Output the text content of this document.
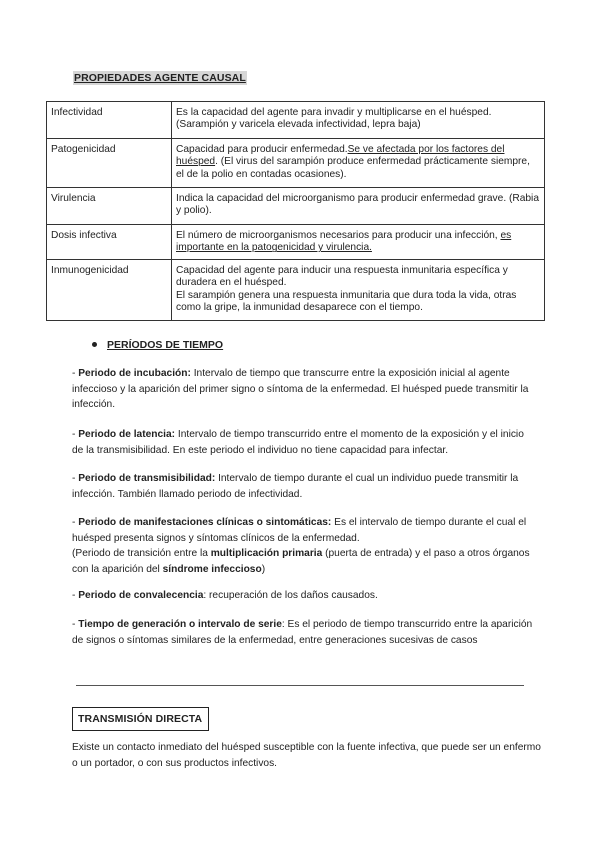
PROPIEDADES AGENTE CAUSAL
Infectividad	Es la capacidad del agente para invadir y multiplicarse en el huésped. (Sarampión y varicela elevada infectividad, lepra baja)
Patogenicidad	Capacidad para producir enfermedad.Se ve afectada por los factores del huésped. (El virus del sarampión produce enfermedad prácticamente siempre, el de la polio en contadas ocasiones).
Virulencia	Indica la capacidad del microorganismo para producir enfermedad grave. (Rabia y polio).
Dosis infectiva	El número de microorganismos necesarios para producir una infección, es importante en la patogenicidad y virulencia.
Inmunogenicidad	Capacidad del agente para inducir una respuesta inmunitaria específica y duradera en el huésped.
El sarampión genera una respuesta inmunitaria que dura toda la vida, otras como la gripe, la inmunidad desaparece con el tiempo.
PERÍODOS DE TIEMPO
- Periodo de incubación: Intervalo de tiempo que transcurre entre la exposición inicial al agente infeccioso y la aparición del primer signo o síntoma de la enfermedad. El huésped puede transmitir la infección.
- Periodo de latencia: Intervalo de tiempo transcurrido entre el momento de la exposición y el inicio de la transmisibilidad. En este periodo el individuo no tiene capacidad para infectar.
- Periodo de transmisibilidad: Intervalo de tiempo durante el cual un individuo puede transmitir la infección. También llamado periodo de infectividad.
- Periodo de manifestaciones clínicas o sintomáticas: Es el intervalo de tiempo durante el cual el huésped presenta signos y síntomas clínicos de la enfermedad.
(Periodo de transición entre la multiplicación primaria (puerta de entrada) y el paso a otros órganos con la aparición del síndrome infeccioso)
- Periodo de convalecencia: recuperación de los daños causados.
- Tiempo de generación o intervalo de serie: Es el periodo de tiempo transcurrido entre la aparición de signos o síntomas similares de la enfermedad, entre generaciones sucesivas de casos
TRANSMISIÓN DIRECTA
Existe un contacto inmediato del huésped susceptible con la fuente infectiva, que puede ser un enfermo o un portador, o con sus productos infectivos.
